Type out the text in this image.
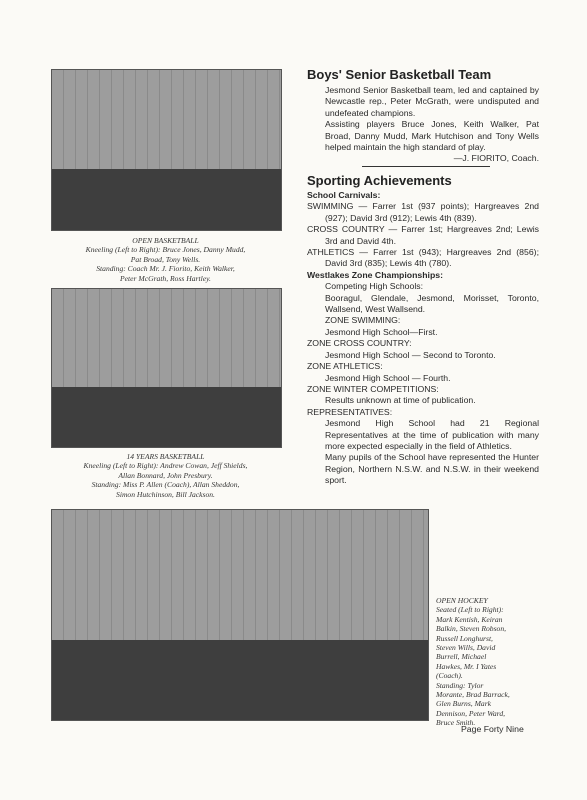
OPEN BASKETBALL
Kneeling (Left to Right): Bruce Jones, Danny Mudd,
Pat Broad, Tony Wells.
Standing: Coach Mr. J. Fiorito, Keith Walker,
Peter McGrath, Ross Hartley.
14 YEARS BASKETBALL
Kneeling (Left to Right): Andrew Cowan, Jeff Shields,
Allan Bonnard, John Presbury.
Standing: Miss P. Allen (Coach), Allan Sheddon,
Simon Hutchinson, Bill Jackson.
OPEN HOCKEY
Seated (Left to Right):
Mark Kentish, Keiran
Balkin, Steven Robson,
Russell Longhurst,
Steven Wills, David
Burrell, Michael
Hawkes, Mr. I Yates
(Coach).
Standing: Tylor
Morante, Brad Barrack,
Glen Burns, Mark
Dennison, Peter Ward,
Bruce Smith.
Boys' Senior Basketball Team

Jesmond Senior Basketball team, led and captained by Newcastle rep., Peter McGrath, were undisputed and undefeated champions.

Assisting players Bruce Jones, Keith Walker, Pat Broad, Danny Mudd, Mark Hutchison and Tony Wells helped maintain the high standard of play.

—J. FIORITO, Coach.

Sporting Achievements

School Carnivals:

SWIMMING — Farrer 1st (937 points); Hargreaves 2nd (927); David 3rd (912); Lewis 4th (839).

CROSS COUNTRY — Farrer 1st; Hargreaves 2nd; Lewis 3rd and David 4th.

ATHLETICS — Farrer 1st (943); Hargreaves 2nd (856); David 3rd (835); Lewis 4th (780).

Westlakes Zone Championships:

Competing High Schools:

Booragul, Glendale, Jesmond, Morisset, Toronto, Wallsend, West Wallsend.

ZONE SWIMMING:

Jesmond High School—First.

ZONE CROSS COUNTRY:

Jesmond High School — Second to Toronto.

ZONE ATHLETICS:

Jesmond High School — Fourth.

ZONE WINTER COMPETITIONS:

Results unknown at time of publication.

REPRESENTATIVES:

Jesmond High School had 21 Regional Representatives at the time of publication with many more expected especially in the field of Athletics.

Many pupils of the School have represented the Hunter Region, Northern N.S.W. and N.S.W. in their weekend sport.

Page Forty Nine
